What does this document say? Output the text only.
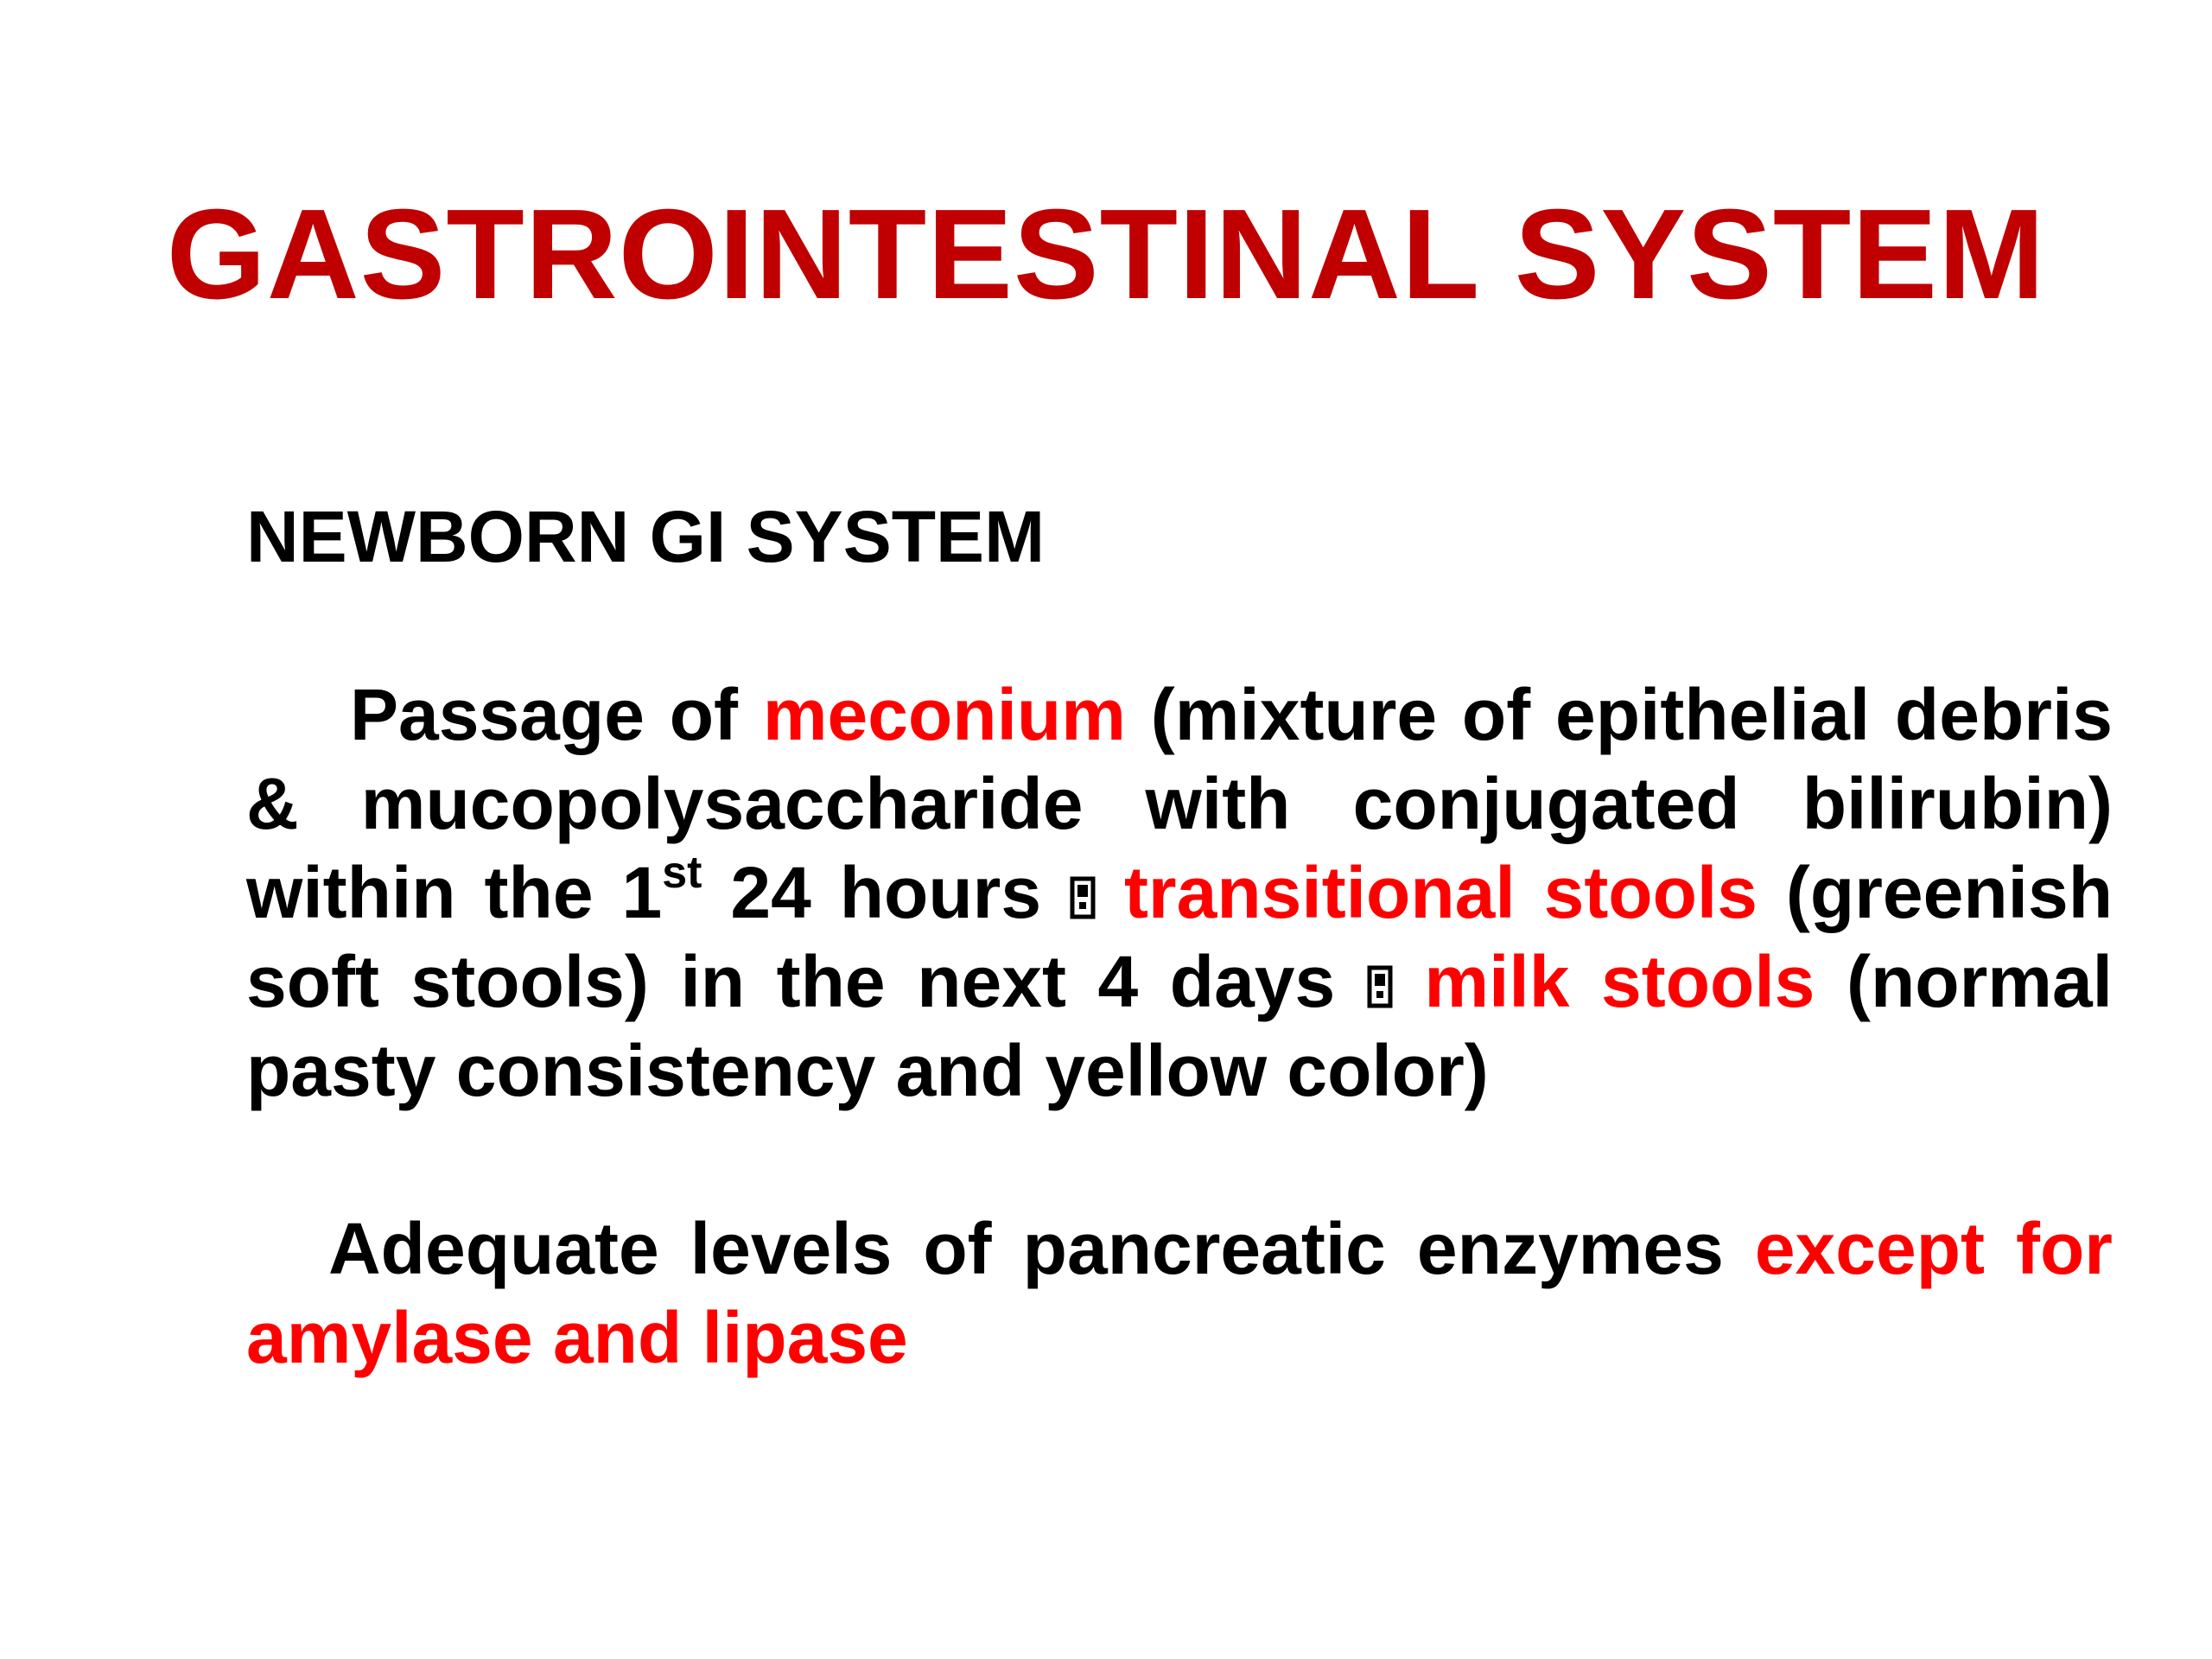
GASTROINTESTINAL SYSTEM
NEWBORN GI SYSTEM

Passage of meconium (mixture of epithelial debris & mucopolysaccharide with conjugated bilirubin) within the 1st 24 hours
transitional stools (greenish soft stools) in the next 4 days
milk stools (normal pasty consistency and yellow color)

Adequate levels of pancreatic enzymes except for amylase and lipase
